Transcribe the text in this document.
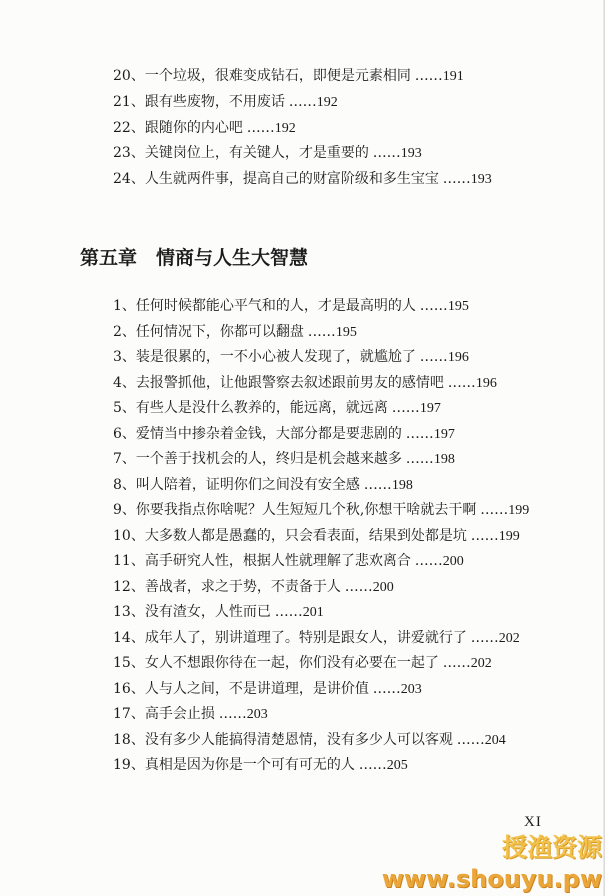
20、一个垃圾，很难变成钻石，即便是元素相同 ......191
21、跟有些废物，不用废话 ......192
22、跟随你的内心吧 ......192
23、关键岗位上，有关键人，才是重要的 ......193
24、人生就两件事，提高自己的财富阶级和多生宝宝 ......193
第五章 情商与人生大智慧
1、任何时候都能心平气和的人，才是最高明的人 ......195
2、任何情况下，你都可以翻盘 ......195
3、装是很累的，一不小心被人发现了，就尴尬了 ......196
4、去报警抓他，让他跟警察去叙述跟前男友的感情吧 ......196
5、有些人是没什么教养的，能远离，就远离 ......197
6、爱情当中掺杂着金钱，大部分都是要悲剧的 ......197
7、一个善于找机会的人，终归是机会越来越多 ......198
8、叫人陪着，证明你们之间没有安全感 ......198
9、你要我指点你啥呢？人生短短几个秋,你想干啥就去干啊 ......199
10、大多数人都是愚蠢的，只会看表面，结果到处都是坑 ......199
11、高手研究人性，根据人性就理解了悲欢离合 ......200
12、善战者，求之于势，不责备于人 ......200
13、没有渣女，人性而已 ......201
14、成年人了，别讲道理了。特别是跟女人，讲爱就行了 ......202
15、女人不想跟你待在一起，你们没有必要在一起了 ......202
16、人与人之间，不是讲道理，是讲价值 ......203
17、高手会止损 ......203
18、没有多少人能搞得清楚恩情，没有多少人可以客观 ......204
19、真相是因为你是一个可有可无的人 ......205
XI
授渔资源
www.shouyu.pw
